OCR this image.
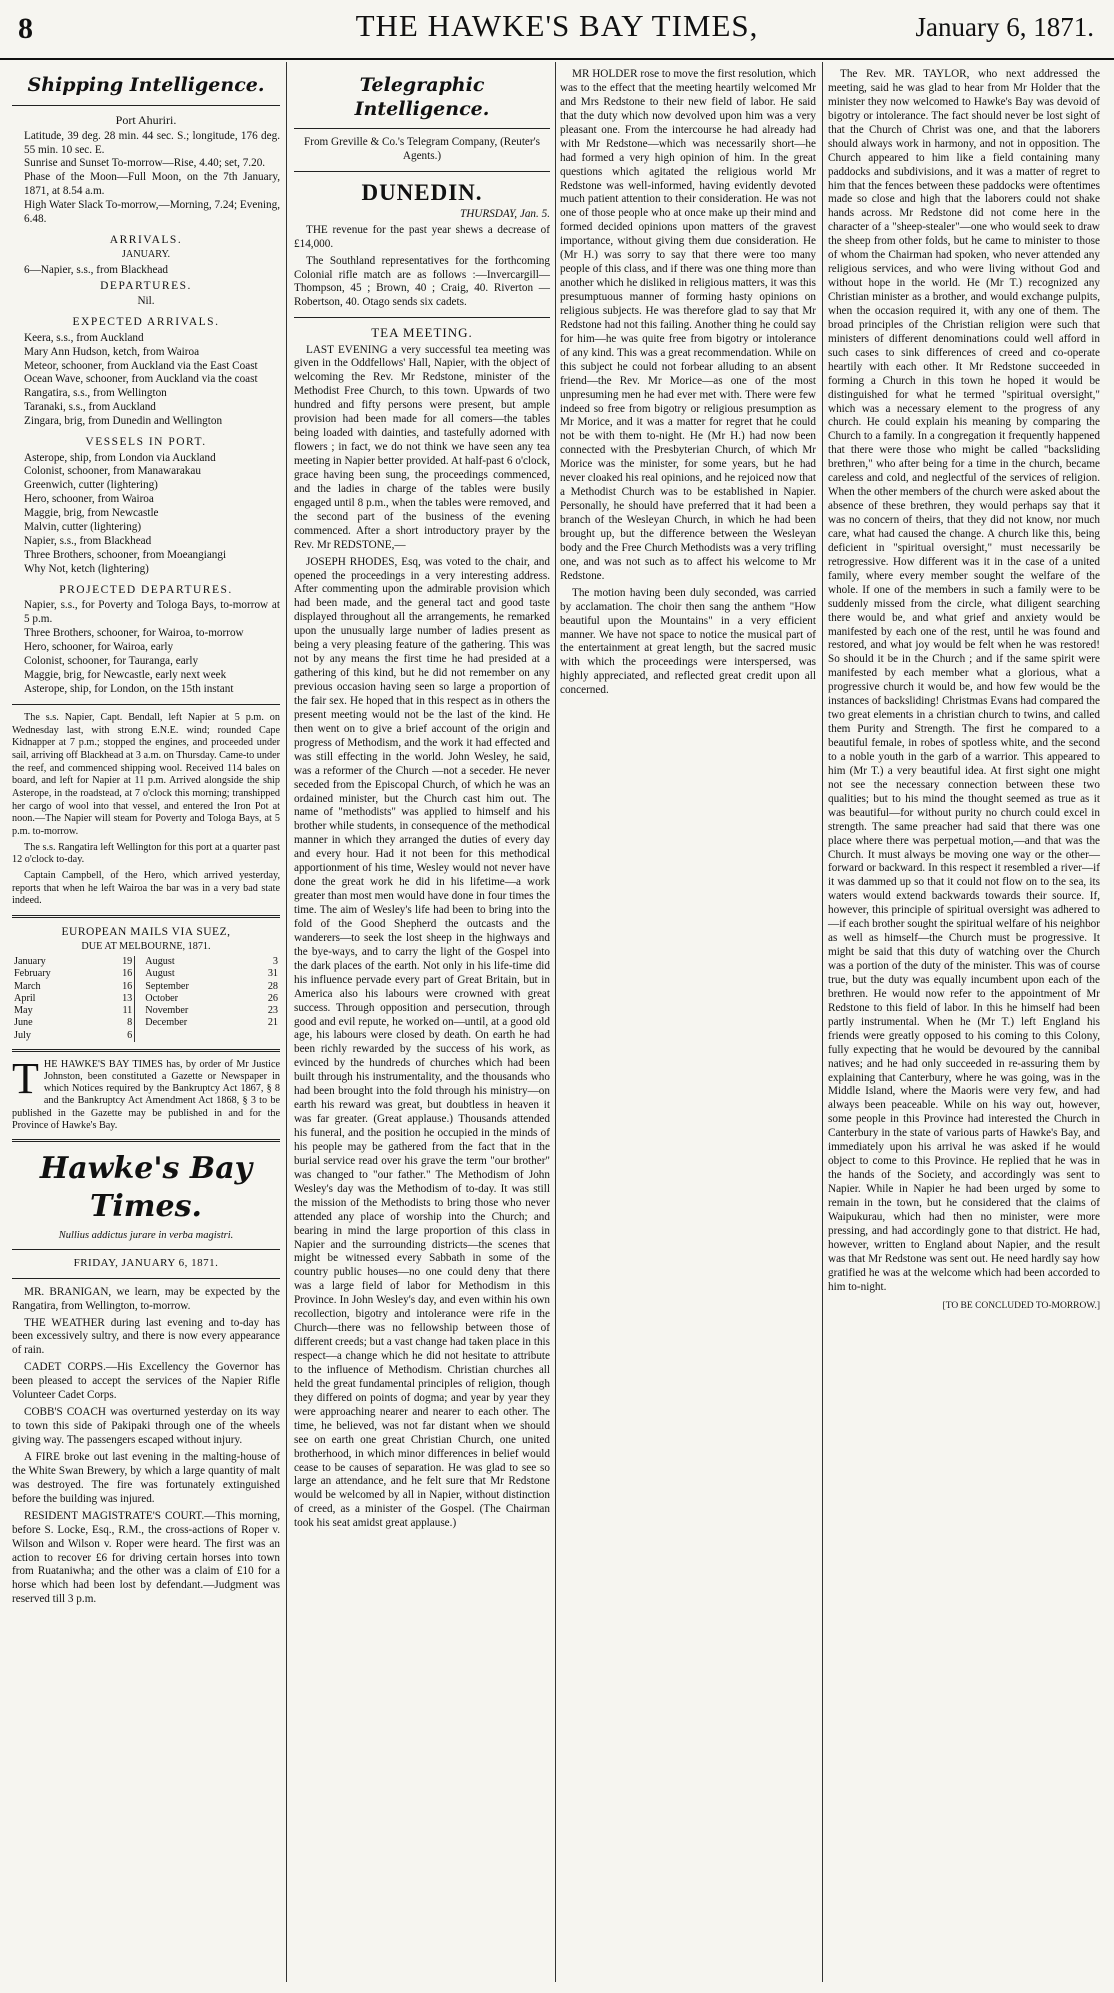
8	THE HAWKE'S BAY TIMES,	January 6, 1871.
Shipping Intelligence.
Port Ahuriri.

Latitude, 39 deg. 28 min. 44 sec. S.; longitude, 176 deg. 55 min. 10 sec. E.

Sunrise and Sunset To-morrow—Rise, 4.40; set, 7.20.

Phase of the Moon—Full Moon, on the 7th January, 1871, at 8.54 a.m.

High Water Slack To-morrow,—Morning, 7.24; Evening, 6.48.

ARRIVALS.
JANUARY.

6—Napier, s.s., from Blackhead

DEPARTURES.
Nil.
EXPECTED ARRIVALS.

Keera, s.s., from Auckland

Mary Ann Hudson, ketch, from Wairoa

Meteor, schooner, from Auckland via the East Coast

Ocean Wave, schooner, from Auckland via the coast

Rangatira, s.s., from Wellington

Taranaki, s.s., from Auckland

Zingara, brig, from Dunedin and Wellington

VESSELS IN PORT.

Asterope, ship, from London via Auckland

Colonist, schooner, from Manawarakau

Greenwich, cutter (lightering)

Hero, schooner, from Wairoa

Maggie, brig, from Newcastle

Malvin, cutter (lightering)

Napier, s.s., from Blackhead

Three Brothers, schooner, from Moeangiangi

Why Not, ketch (lightering)

PROJECTED DEPARTURES.

Napier, s.s., for Poverty and Tologa Bays, to-morrow at 5 p.m.

Three Brothers, schooner, for Wairoa, to-morrow

Hero, schooner, for Wairoa, early

Colonist, schooner, for Tauranga, early

Maggie, brig, for Newcastle, early next week

Asterope, ship, for London, on the 15th instant

The s.s. Napier, Capt. Bendall, left Napier at 5 p.m. on Wednesday last, with strong E.N.E. wind; rounded Cape Kidnapper at 7 p.m.; stopped the engines, and proceeded under sail, arriving off Blackhead at 3 a.m. on Thursday. Came-to under the reef, and commenced shipping wool. Received 114 bales on board, and left for Napier at 11 p.m. Arrived alongside the ship Asterope, in the roadstead, at 7 o'clock this morning; transhipped her cargo of wool into that vessel, and entered the Iron Pot at noon.—The Napier will steam for Poverty and Tologa Bays, at 5 p.m. to-morrow.

The s.s. Rangatira left Wellington for this port at a quarter past 12 o'clock to-day.

Captain Campbell, of the Hero, which arrived yesterday, reports that when he left Wairoa the bar was in a very bad state indeed.

EUROPEAN MAILS VIA SUEZ,
DUE AT MELBOURNE, 1871.
January	19		August	3
February	16		August	31
March	16		September	28
April	13		October	26
May	11		November	23
June	8		December	21
July	6			
THE HAWKE'S BAY TIMES has, by order of Mr Justice Johnston, been constituted a Gazette or Newspaper in which Notices required by the Bankruptcy Act 1867, § 8 and the Bankruptcy Act Amendment Act 1868, § 3 to be published in the Gazette may be published in and for the Province of Hawke's Bay.
Hawke's Bay Times.
Nullius addictus jurare in verba magistri.
FRIDAY, JANUARY 6, 1871.

MR. BRANIGAN, we learn, may be expected by the Rangatira, from Wellington, to-morrow.

THE WEATHER during last evening and to-day has been excessively sultry, and there is now every appearance of rain.

CADET CORPS.—His Excellency the Governor has been pleased to accept the services of the Napier Rifle Volunteer Cadet Corps.

COBB'S COACH was overturned yesterday on its way to town this side of Pakipaki through one of the wheels giving way. The passengers escaped without injury.

A FIRE broke out last evening in the malting-house of the White Swan Brewery, by which a large quantity of malt was destroyed. The fire was fortunately extinguished before the building was injured.

RESIDENT MAGISTRATE'S COURT.—This morning, before S. Locke, Esq., R.M., the cross-actions of Roper v. Wilson and Wilson v. Roper were heard. The first was an action to recover £6 for driving certain horses into town from Ruataniwha; and the other was a claim of £10 for a horse which had been lost by defendant.—Judgment was reserved till 3 p.m.

Telegraphic Intelligence.
From Greville & Co.'s Telegram Company, (Reuter's Agents.)
DUNEDIN.
THURSDAY, Jan. 5.

THE revenue for the past year shews a decrease of £14,000.

The Southland representatives for the forthcoming Colonial rifle match are as follows :—Invercargill— Thompson, 45 ; Brown, 40 ; Craig, 40. Riverton —Robertson, 40. Otago sends six cadets.

TEA MEETING.

LAST EVENING a very successful tea meeting was given in the Oddfellows' Hall, Napier, with the object of welcoming the Rev. Mr Redstone, minister of the Methodist Free Church, to this town. Upwards of two hundred and fifty persons were present, but ample provision had been made for all comers—the tables being loaded with dainties, and tastefully adorned with flowers ; in fact, we do not think we have seen any tea meeting in Napier better provided. At half-past 6 o'clock, grace having been sung, the proceedings commenced, and the ladies in charge of the tables were busily engaged until 8 p.m., when the tables were removed, and the second part of the business of the evening commenced. After a short introductory prayer by the Rev. Mr REDSTONE,—

JOSEPH RHODES, Esq, was voted to the chair, and opened the proceedings in a very interesting address. After commenting upon the admirable provision which had been made, and the general tact and good taste displayed throughout all the arrangements, he remarked upon the unusually large number of ladies present as being a very pleasing feature of the gathering. This was not by any means the first time he had presided at a gathering of this kind, but he did not remember on any previous occasion having seen so large a proportion of the fair sex. He hoped that in this respect as in others the present meeting would not be the last of the kind. He then went on to give a brief account of the origin and progress of Methodism, and the work it had effected and was still effecting in the world. John Wesley, he said, was a reformer of the Church —not a seceder. He never seceded from the Episcopal Church, of which he was an ordained minister, but the Church cast him out. The name of "methodists" was applied to himself and his brother while students, in consequence of the methodical manner in which they arranged the duties of every day and every hour. Had it not been for this methodical apportionment of his time, Wesley would not never have done the great work he did in his lifetime—a work greater than most men would have done in four times the time. The aim of Wesley's life had been to bring into the fold of the Good Shepherd the outcasts and the wanderers—to seek the lost sheep in the highways and the bye-ways, and to carry the light of the Gospel into the dark places of the earth. Not only in his life-time did his influence pervade every part of Great Britain, but in America also his labours were crowned with great success. Through opposition and persecution, through good and evil repute, he worked on—until, at a good old age, his labours were closed by death. On earth he had been richly rewarded by the success of his work, as evinced by the hundreds of churches which had been built through his instrumentality, and the thousands who had been brought into the fold through his ministry—on earth his reward was great, but doubtless in heaven it was far greater. (Great applause.) Thousands attended his funeral, and the position he occupied in the minds of his people may be gathered from the fact that in the burial service read over his grave the term "our brother" was changed to "our father." The Methodism of John Wesley's day was the Methodism of to-day. It was still the mission of the Methodists to bring those who never attended any place of worship into the Church; and bearing in mind the large proportion of this class in Napier and the surrounding districts—the scenes that might be witnessed every Sabbath in some of the country public houses—no one could deny that there was a large field of labor for Methodism in this Province. In John Wesley's day, and even within his own recollection, bigotry and intolerance were rife in the Church—there was no fellowship between those of different creeds; but a vast change had taken place in this respect—a change which he did not hesitate to attribute to the influence of Methodism. Christian churches all held the great fundamental principles of religion, though they differed on points of dogma; and year by year they were approaching nearer and nearer to each other. The time, he believed, was not far distant when we should see on earth one great Christian Church, one united brotherhood, in which minor differences in belief would cease to be causes of separation. He was glad to see so large an attendance, and he felt sure that Mr Redstone would be welcomed by all in Napier, without distinction of creed, as a minister of the Gospel. (The Chairman took his seat amidst great applause.)

MR HOLDER rose to move the first resolution, which was to the effect that the meeting heartily welcomed Mr and Mrs Redstone to their new field of labor. He said that the duty which now devolved upon him was a very pleasant one. From the intercourse he had already had with Mr Redstone—which was necessarily short—he had formed a very high opinion of him. In the great questions which agitated the religious world Mr Redstone was well-informed, having evidently devoted much patient attention to their consideration. He was not one of those people who at once make up their mind and formed decided opinions upon matters of the gravest importance, without giving them due consideration. He (Mr H.) was sorry to say that there were too many people of this class, and if there was one thing more than another which he disliked in religious matters, it was this presumptuous manner of forming hasty opinions on religious subjects. He was therefore glad to say that Mr Redstone had not this failing. Another thing he could say for him—he was quite free from bigotry or intolerance of any kind. This was a great recommendation. While on this subject he could not forbear alluding to an absent friend—the Rev. Mr Morice—as one of the most unpresuming men he had ever met with. There were few indeed so free from bigotry or religious presumption as Mr Morice, and it was a matter for regret that he could not be with them to-night. He (Mr H.) had now been connected with the Presbyterian Church, of which Mr Morice was the minister, for some years, but he had never cloaked his real opinions, and he rejoiced now that a Methodist Church was to be established in Napier. Personally, he should have preferred that it had been a branch of the Wesleyan Church, in which he had been brought up, but the difference between the Wesleyan body and the Free Church Methodists was a very trifling one, and was not such as to affect his welcome to Mr Redstone.

The motion having been duly seconded, was carried by acclamation. The choir then sang the anthem "How beautiful upon the Mountains" in a very efficient manner. We have not space to notice the musical part of the entertainment at great length, but the sacred music with which the proceedings were interspersed, was highly appreciated, and reflected great credit upon all concerned.

The Rev. MR. TAYLOR, who next addressed the meeting, said he was glad to hear from Mr Holder that the minister they now welcomed to Hawke's Bay was devoid of bigotry or intolerance. The fact should never be lost sight of that the Church of Christ was one, and that the laborers should always work in harmony, and not in opposition. The Church appeared to him like a field containing many paddocks and subdivisions, and it was a matter of regret to him that the fences between these paddocks were oftentimes made so close and high that the laborers could not shake hands across. Mr Redstone did not come here in the character of a "sheep-stealer"—one who would seek to draw the sheep from other folds, but he came to minister to those of whom the Chairman had spoken, who never attended any religious services, and who were living without God and without hope in the world. He (Mr T.) recognized any Christian minister as a brother, and would exchange pulpits, when the occasion required it, with any one of them. The broad principles of the Christian religion were such that ministers of different denominations could well afford in such cases to sink differences of creed and co-operate heartily with each other. It Mr Redstone succeeded in forming a Church in this town he hoped it would be distinguished for what he termed "spiritual oversight," which was a necessary element to the progress of any church. He could explain his meaning by comparing the Church to a family. In a congregation it frequently happened that there were those who might be called "backsliding brethren," who after being for a time in the church, became careless and cold, and neglectful of the services of religion. When the other members of the church were asked about the absence of these brethren, they would perhaps say that it was no concern of theirs, that they did not know, nor much care, what had caused the change. A church like this, being deficient in "spiritual oversight," must necessarily be retrogressive. How different was it in the case of a united family, where every member sought the welfare of the whole. If one of the members in such a family were to be suddenly missed from the circle, what diligent searching there would be, and what grief and anxiety would be manifested by each one of the rest, until he was found and restored, and what joy would be felt when he was restored! So should it be in the Church ; and if the same spirit were manifested by each member what a glorious, what a progressive church it would be, and how few would be the instances of backsliding! Christmas Evans had compared the two great elements in a christian church to twins, and called them Purity and Strength. The first he compared to a beautiful female, in robes of spotless white, and the second to a noble youth in the garb of a warrior. This appeared to him (Mr T.) a very beautiful idea. At first sight one might not see the necessary connection between these two qualities; but to his mind the thought seemed as true as it was beautiful—for without purity no church could excel in strength. The same preacher had said that there was one place where there was perpetual motion,—and that was the Church. It must always be moving one way or the other—forward or backward. In this respect it resembled a river—if it was dammed up so that it could not flow on to the sea, its waters would extend backwards towards their source. If, however, this principle of spiritual oversight was adhered to—if each brother sought the spiritual welfare of his neighbor as well as himself—the Church must be progressive. It might be said that this duty of watching over the Church was a portion of the duty of the minister. This was of course true, but the duty was equally incumbent upon each of the brethren. He would now refer to the appointment of Mr Redstone to this field of labor. In this he himself had been partly instrumental. When he (Mr T.) left England his friends were greatly opposed to his coming to this Colony, fully expecting that he would be devoured by the cannibal natives; and he had only succeeded in re-assuring them by explaining that Canterbury, where he was going, was in the Middle Island, where the Maoris were very few, and had always been peaceable. While on his way out, however, some people in this Province had interested the Church in Canterbury in the state of various parts of Hawke's Bay, and immediately upon his arrival he was asked if he would object to come to this Province. He replied that he was in the hands of the Society, and accordingly was sent to Napier. While in Napier he had been urged by some to remain in the town, but he considered that the claims of Waipukurau, which had then no minister, were more pressing, and had accordingly gone to that district. He had, however, written to England about Napier, and the result was that Mr Redstone was sent out. He need hardly say how gratified he was at the welcome which had been accorded to him to-night.

[TO BE CONCLUDED TO-MORROW.]
